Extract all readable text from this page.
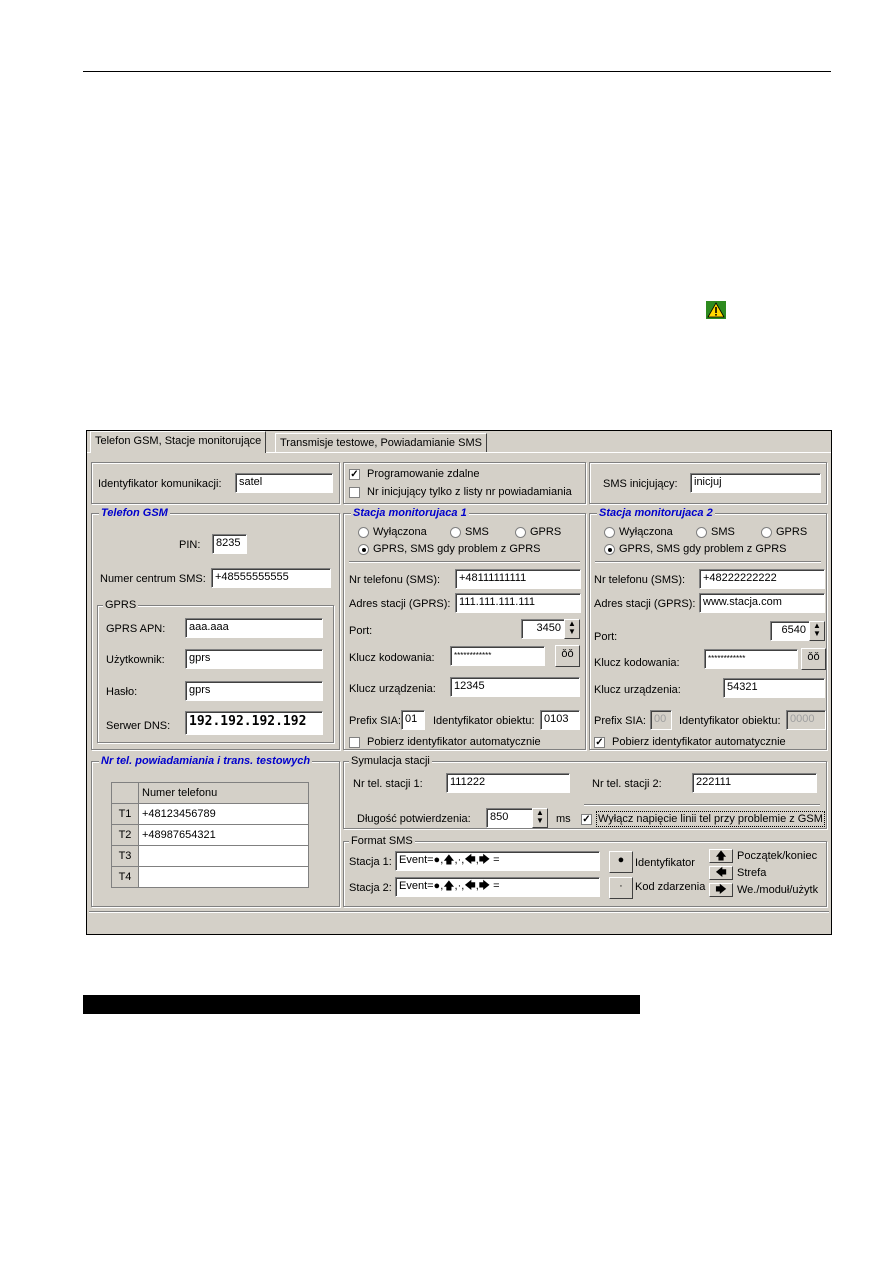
Telefon GSM, Stacje monitorujące	Transmisje testowe, Powiadamianie SMS
Identyfikator komunikacji:	satel
✓ Programowanie zdalne
Nr inicjujący tylko z listy nr powiadamiania
SMS inicjujący:	inicjuj
Telefon GSM
PIN:	8235
Numer centrum SMS: +48555555555
GPRS
GPRS APN:	aaa.aaa
Użytkownik:	gprs
Hasło:	gprs
Serwer DNS:	192.192.192.192
Stacja monitorujaca 1
Wyłączona	SMS	GPRS
GPRS, SMS gdy problem z GPRS
Nr telefonu (SMS):	+48111111111
Adres stacji (GPRS): 111.111.111.111
Port:	3450 ▲
▼
Klucz kodowania:	************	ǒǒ
Klucz urządzenia:	12345
Prefix SIA: 01	Identyfikator obiektu: 0103
Pobierz identyfikator automatycznie
Stacja monitorujaca 2
Wyłączona	SMS	GPRS
GPRS, SMS gdy problem z GPRS
Nr telefonu (SMS):	+48222222222
Adres stacji (GPRS): www.stacja.com
Port:
6540 ▲
▼
Klucz kodowania:	************	ǒǒ
Klucz urządzenia:	54321
Prefix SIA: 00	Identyfikator obiektu: 0000
✓ Pobierz identyfikator automatycznie
Nr tel. powiadamiania i trans. testowych
	Numer telefonu
T1	+48123456789
T2	+48987654321
T3	
T4	
Symulacja stacji
Nr tel. stacji 1:	111222	Nr tel. stacji 2:	222111
Długość potwierdzenia:	850	▲
▼ ms ✓ Wyłącz napięcie linii tel przy problemie z GSM
Format SMS
Stacja 1: Event=●,🡅,·,🡄,🡆 =
Stacja 2: Event=●,🡅,·,🡄,🡆 =
● Identyfikator
·	Kod zdarzenia
🡅 Początek/koniec
🡄 Strefa
🡆 We./moduł/użytk
